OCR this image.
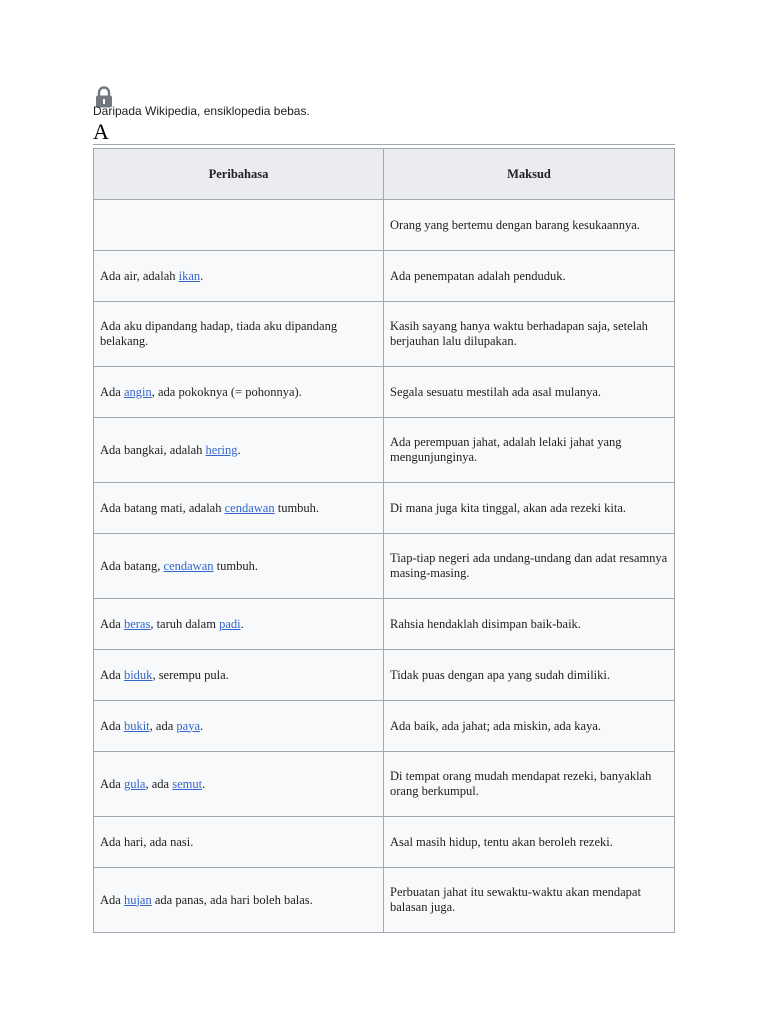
Daripada Wikipedia, ensiklopedia bebas.
A
Peribahasa	Maksud
	Orang yang bertemu dengan barang kesukaannya.
Ada air, adalah ikan.	Ada penempatan adalah penduduk.
Ada aku dipandang hadap, tiada aku dipandang belakang.	Kasih sayang hanya waktu berhadapan saja, setelah berjauhan lalu dilupakan.
Ada angin, ada pokoknya (= pohonnya).	Segala sesuatu mestilah ada asal mulanya.
Ada bangkai, adalah hering.	Ada perempuan jahat, adalah lelaki jahat yang mengunjunginya.
Ada batang mati, adalah cendawan tumbuh.	Di mana juga kita tinggal, akan ada rezeki kita.
Ada batang, cendawan tumbuh.	Tiap-tiap negeri ada undang-undang dan adat resamnya masing-masing.
Ada beras, taruh dalam padi.	Rahsia hendaklah disimpan baik-baik.
Ada biduk, serempu pula.	Tidak puas dengan apa yang sudah dimiliki.
Ada bukit, ada paya.	Ada baik, ada jahat; ada miskin, ada kaya.
Ada gula, ada semut.	Di tempat orang mudah mendapat rezeki, banyaklah orang berkumpul.
Ada hari, ada nasi.	Asal masih hidup, tentu akan beroleh rezeki.
Ada hujan ada panas, ada hari boleh balas.	Perbuatan jahat itu sewaktu-waktu akan mendapat balasan juga.
